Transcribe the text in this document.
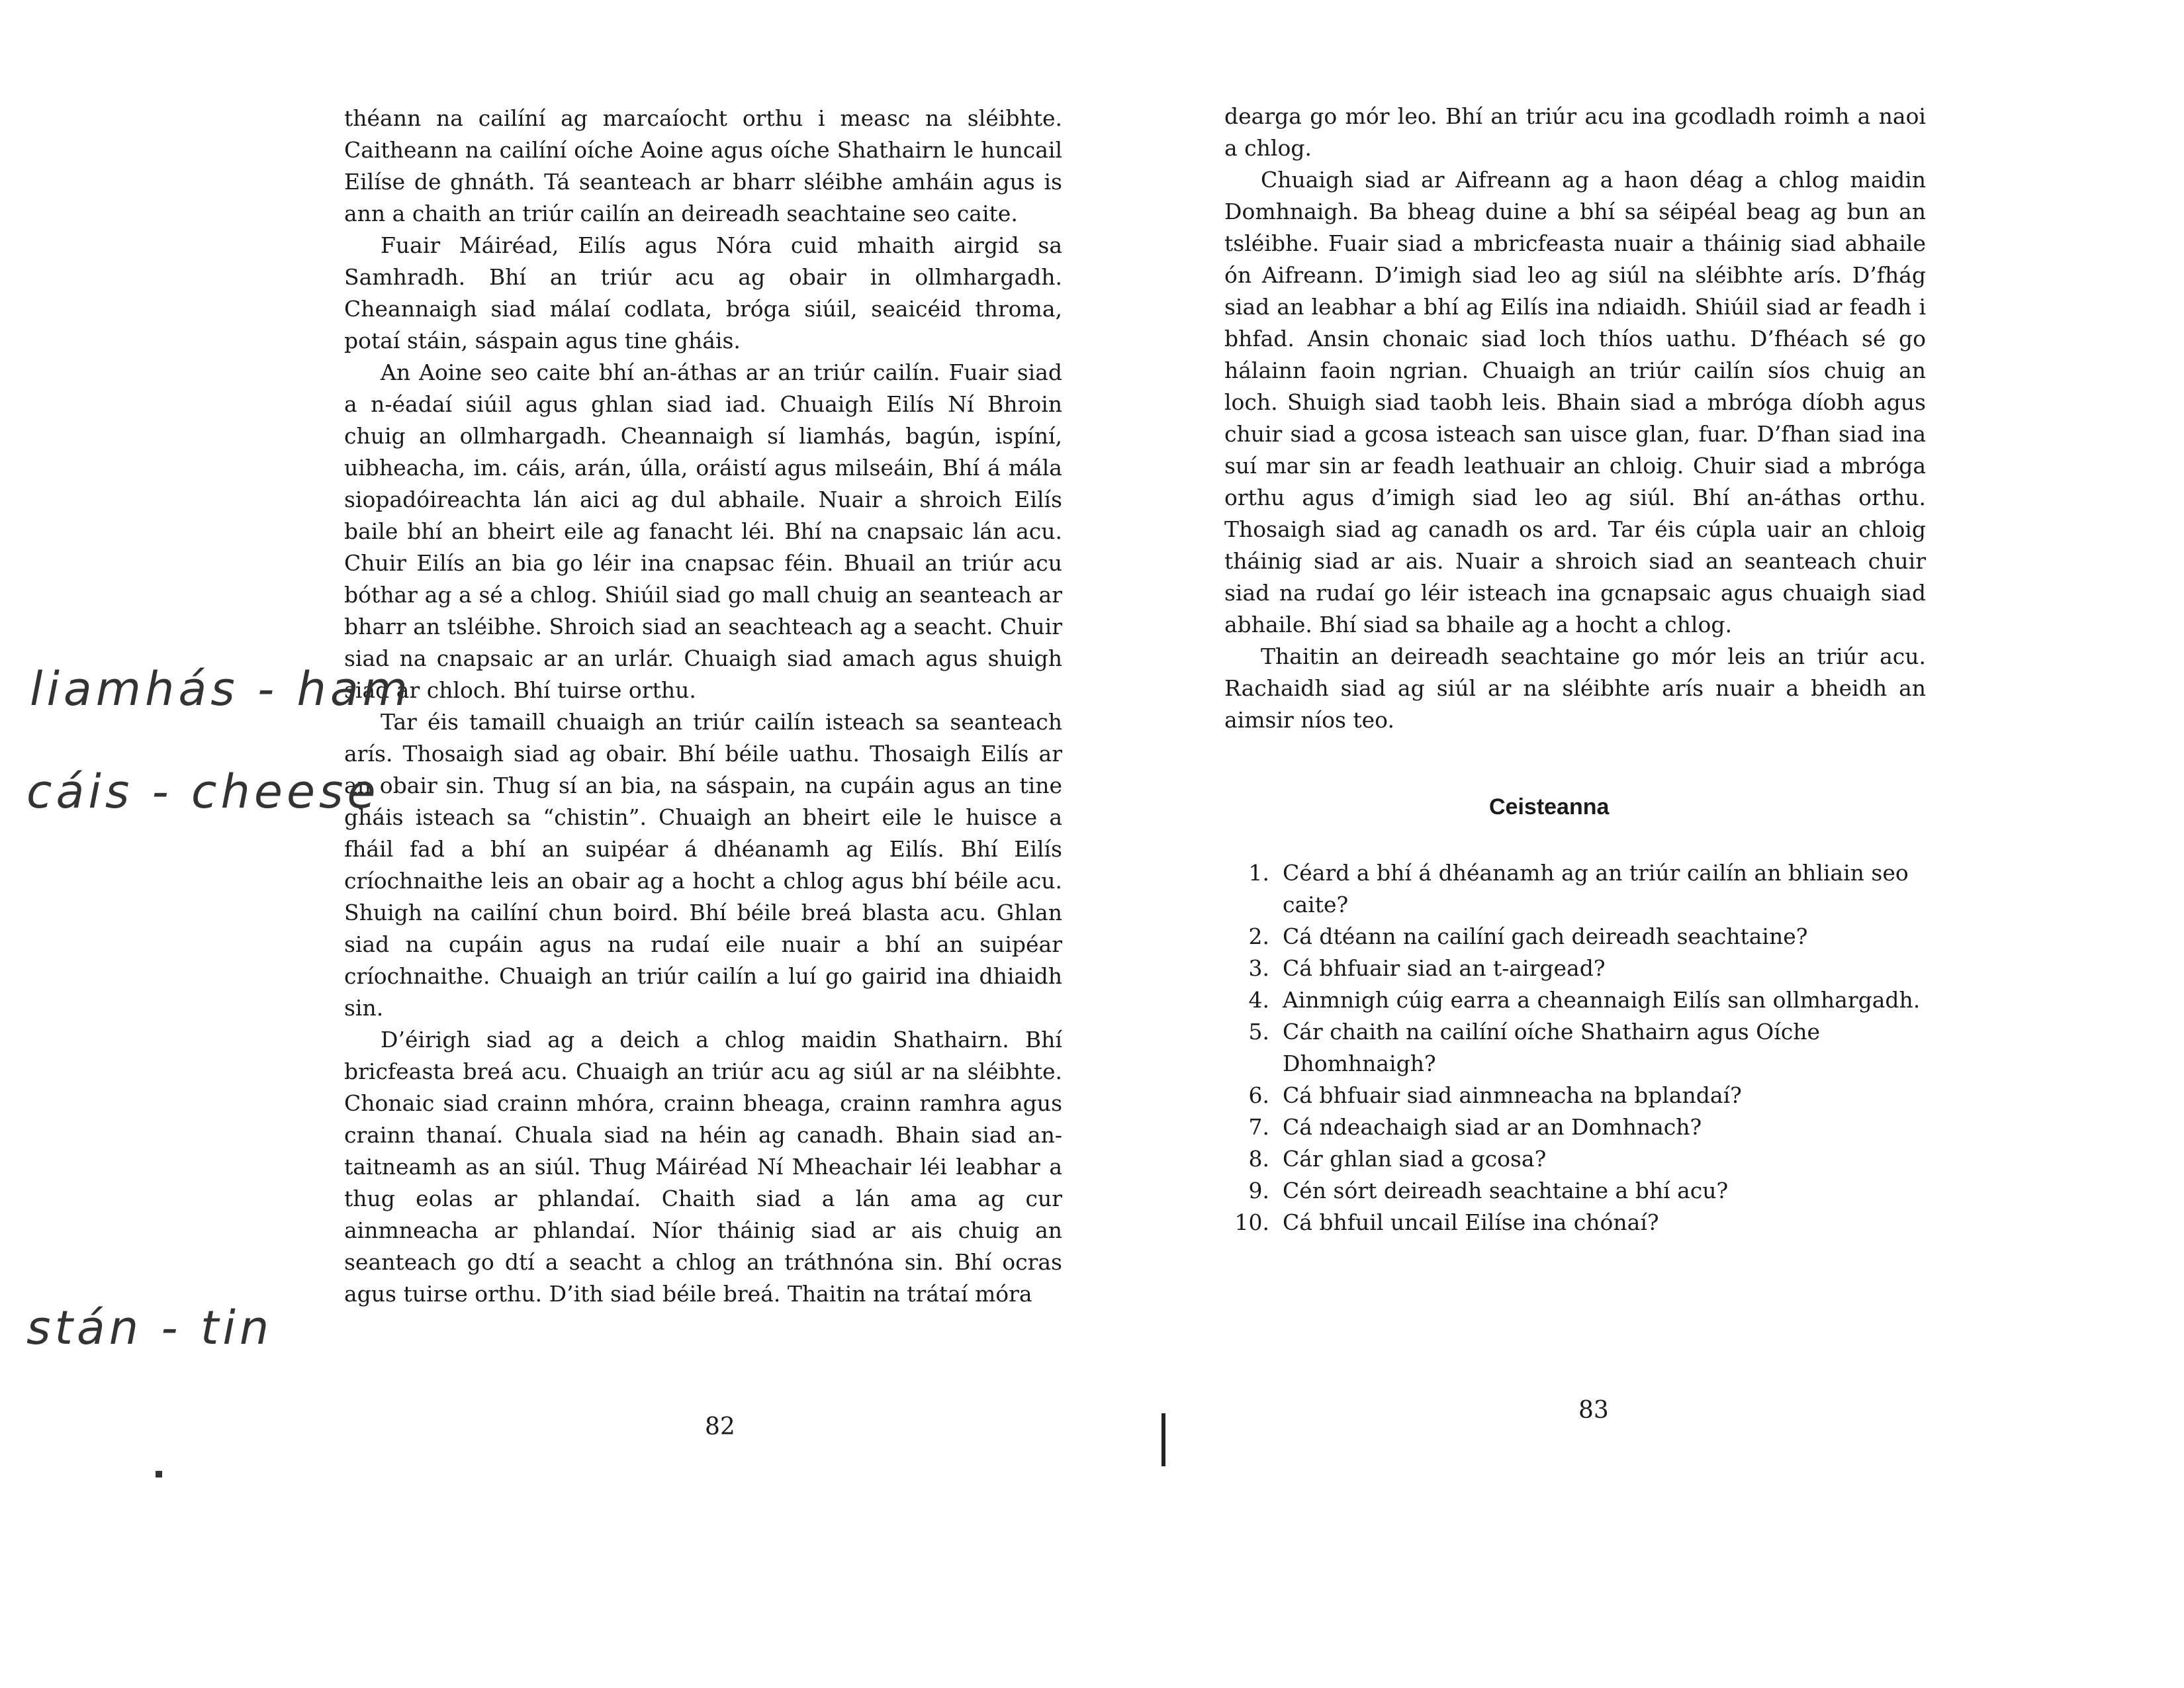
théann na cailíní ag marcaíocht orthu i measc na sléibhte. Caitheann na cailíní oíche Aoine agus oíche Shathairn le huncail Eilíse de ghnáth. Tá seanteach ar bharr sléibhe amháin agus is ann a chaith an triúr cailín an deireadh seachtaine seo caite.

Fuair Máiréad, Eilís agus Nóra cuid mhaith airgid sa Samhradh. Bhí an triúr acu ag obair in ollmhargadh. Cheannaigh siad málaí codlata, bróga siúil, seaicéid throma, potaí stáin, sáspain agus tine gháis.

An Aoine seo caite bhí an-áthas ar an triúr cailín. Fuair siad a n-éadaí siúil agus ghlan siad iad. Chuaigh Eilís Ní Bhroin chuig an ollmhargadh. Cheannaigh sí liamhás, bagún, ispíní, uibheacha, im. cáis, arán, úlla, oráistí agus milseáin, Bhí á mála siopadóireachta lán aici ag dul abhaile. Nuair a shroich Eilís baile bhí an bheirt eile ag fanacht léi. Bhí na cnapsaic lán acu. Chuir Eilís an bia go léir ina cnapsac féin. Bhuail an triúr acu bóthar ag a sé a chlog. Shiúil siad go mall chuig an seanteach ar bharr an tsléibhe. Shroich siad an seachteach ag a seacht. Chuir siad na cnapsaic ar an urlár. Chuaigh siad amach agus shuigh siad ar chloch. Bhí tuirse orthu.

Tar éis tamaill chuaigh an triúr cailín isteach sa seanteach arís. Thosaigh siad ag obair. Bhí béile uathu. Thosaigh Eilís ar an obair sin. Thug sí an bia, na sáspain, na cupáin agus an tine gháis isteach sa “chistin”. Chuaigh an bheirt eile le huisce a fháil fad a bhí an suipéar á dhéanamh ag Eilís. Bhí Eilís críochnaithe leis an obair ag a hocht a chlog agus bhí béile acu. Shuigh na cailíní chun boird. Bhí béile breá blasta acu. Ghlan siad na cupáin agus na rudaí eile nuair a bhí an suipéar críochnaithe. Chuaigh an triúr cailín a luí go gairid ina dhiaidh sin.

D’éirigh siad ag a deich a chlog maidin Shathairn. Bhí bricfeasta breá acu. Chuaigh an triúr acu ag siúl ar na sléibhte. Chonaic siad crainn mhóra, crainn bheaga, crainn ramhra agus crainn thanaí. Chuala siad na héin ag canadh. Bhain siad an-taitneamh as an siúl. Thug Máiréad Ní Mheachair léi leabhar a thug eolas ar phlandaí. Chaith siad a lán ama ag cur ainmneacha ar phlandaí. Níor tháinig siad ar ais chuig an seanteach go dtí a seacht a chlog an tráthnóna sin. Bhí ocras agus tuirse orthu. D’ith siad béile breá. Thaitin na trátaí móra

82
liamhás - ham
cáis - cheese
stán - tin

dearga go mór leo. Bhí an triúr acu ina gcodladh roimh a naoi a chlog.

Chuaigh siad ar Aifreann ag a haon déag a chlog maidin Domhnaigh. Ba bheag duine a bhí sa séipéal beag ag bun an tsléibhe. Fuair siad a mbricfeasta nuair a tháinig siad abhaile ón Aifreann. D’imigh siad leo ag siúl na sléibhte arís. D’fhág siad an leabhar a bhí ag Eilís ina ndiaidh. Shiúil siad ar feadh i bhfad. Ansin chonaic siad loch thíos uathu. D’fhéach sé go hálainn faoin ngrian. Chuaigh an triúr cailín síos chuig an loch. Shuigh siad taobh leis. Bhain siad a mbróga díobh agus chuir siad a gcosa isteach san uisce glan, fuar. D’fhan siad ina suí mar sin ar feadh leathuair an chloig. Chuir siad a mbróga orthu agus d’imigh siad leo ag siúl. Bhí an-áthas orthu. Thosaigh siad ag canadh os ard. Tar éis cúpla uair an chloig tháinig siad ar ais. Nuair a shroich siad an seanteach chuir siad na rudaí go léir isteach ina gcnapsaic agus chuaigh siad abhaile. Bhí siad sa bhaile ag a hocht a chlog.

Thaitin an deireadh seachtaine go mór leis an triúr acu. Rachaidh siad ag siúl ar na sléibhte arís nuair a bheidh an aimsir níos teo.

Ceisteanna
1. Céard a bhí á dhéanamh ag an triúr cailín an bhliain seo caite?
2. Cá dtéann na cailíní gach deireadh seachtaine?
3. Cá bhfuair siad an t-airgead?
4. Ainmnigh cúig earra a cheannaigh Eilís san ollmhargadh.
5. Cár chaith na cailíní oíche Shathairn agus Oíche Dhomhnaigh?
6. Cá bhfuair siad ainmneacha na bplandaí?
7. Cá ndeachaigh siad ar an Domhnach?
8. Cár ghlan siad a gcosa?
9. Cén sórt deireadh seachtaine a bhí acu?
10. Cá bhfuil uncail Eilíse ina chónaí?
83
